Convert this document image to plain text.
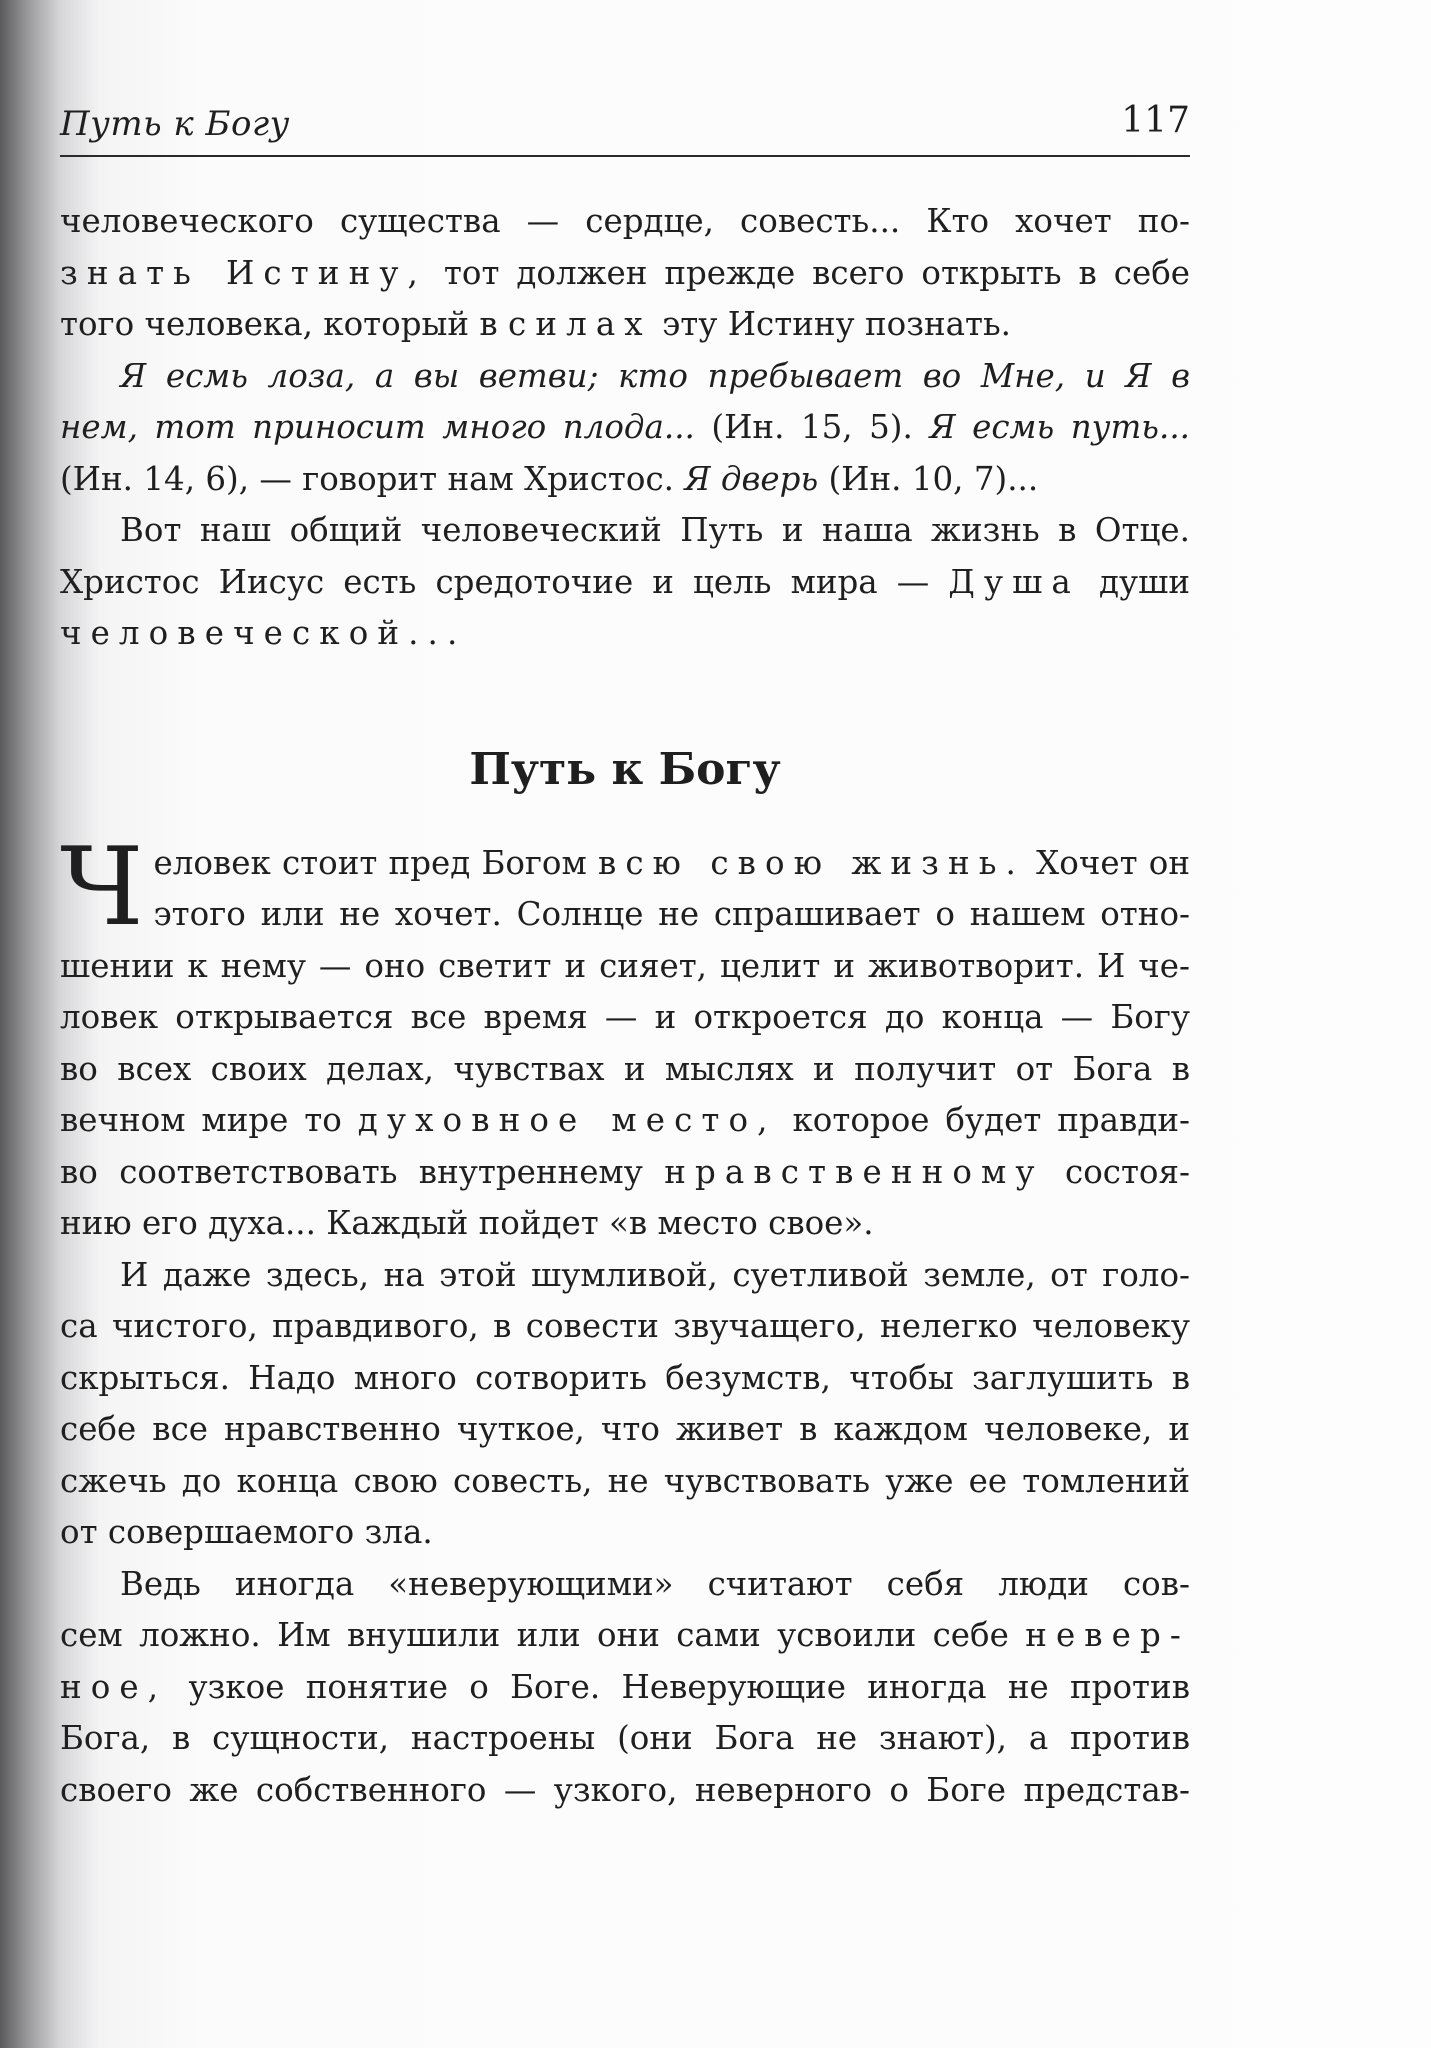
Путь к Богу	117

человеческого существа — сердце, совесть... Кто хочет по-
знать Истину, тот должен прежде всего открыть в себе
того человека, который в силах эту Истину познать.

Я есмь лоза, а вы ветви; кто пребывает во Мне, и Я в
нем, тот приносит много плода... (Ин. 15, 5). Я есмь путь...
(Ин. 14, 6), — говорит нам Христос. Я дверь (Ин. 10, 7)...

Вот наш общий человеческий Путь и наша жизнь в Отце.
Христос Иисус есть средоточие и цель мира — Душа души
человеческой...

Путь к Богу

Ч еловек стоит пред Богом всю свою жизнь. Хочет он
этого или не хочет. Солнце не спрашивает о нашем отно-
шении к нему — оно светит и сияет, целит и животворит. И че-
ловек открывается все время — и откроется до конца — Богу
во всех своих делах, чувствах и мыслях и получит от Бога в
вечном мире то духовное место, которое будет правди-
во соответствовать внутреннему нравственному состоя-
нию его духа... Каждый пойдет «в место свое».

И даже здесь, на этой шумливой, суетливой земле, от голо-
са чистого, правдивого, в совести звучащего, нелегко человеку
скрыться. Надо много сотворить безумств, чтобы заглушить в
себе все нравственно чуткое, что живет в каждом человеке, и
сжечь до конца свою совесть, не чувствовать уже ее томлений
от совершаемого зла.

Ведь иногда «неверующими» считают себя люди сов-
сем ложно. Им внушили или они сами усвоили себе невер-
ное, узкое понятие о Боге. Неверующие иногда не против
Бога, в сущности, настроены (они Бога не знают), а против
своего же собственного — узкого, неверного о Боге представ-
